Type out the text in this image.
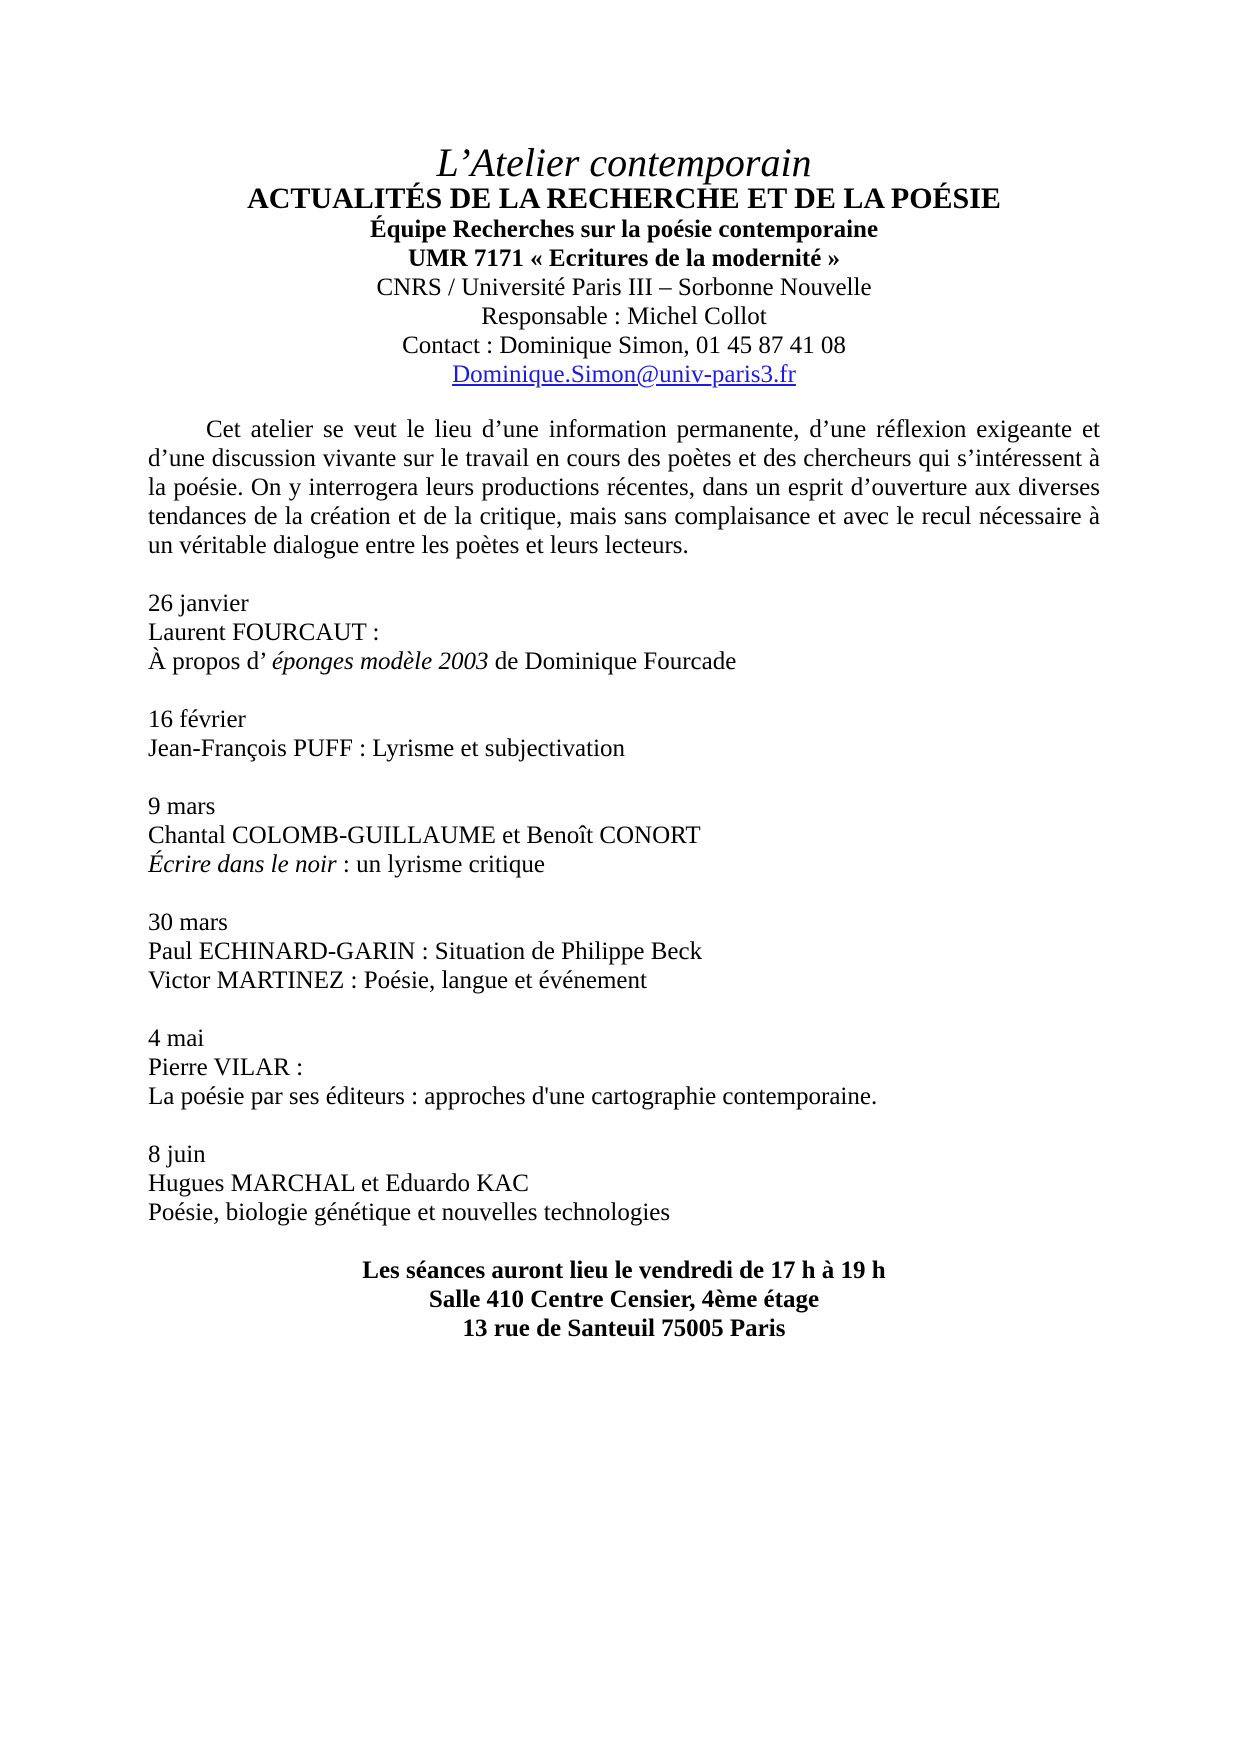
L’Atelier contemporain
ACTUALITÉS DE LA RECHERCHE ET DE LA POÉSIE
Équipe Recherches sur la poésie contemporaine
UMR 7171 « Ecritures de la modernité »
CNRS / Université Paris III – Sorbonne Nouvelle
Responsable : Michel Collot
Contact : Dominique Simon, 01 45 87 41 08
Dominique.Simon@univ-paris3.fr

Cet atelier se veut le lieu d’une information permanente, d’une réflexion exigeante et d’une discussion vivante sur le travail en cours des poètes et des chercheurs qui s’intéressent à la poésie. On y interrogera leurs productions récentes, dans un esprit d’ouverture aux diverses tendances de la création et de la critique, mais sans complaisance et avec le recul nécessaire à un véritable dialogue entre les poètes et leurs lecteurs.

26 janvier
Laurent FOURCAUT :
À propos d’ éponges modèle 2003 de Dominique Fourcade
16 février
Jean-François PUFF : Lyrisme et subjectivation
9 mars
Chantal COLOMB-GUILLAUME et Benoît CONORT
Écrire dans le noir : un lyrisme critique
30 mars
Paul ECHINARD-GARIN : Situation de Philippe Beck
Victor MARTINEZ : Poésie, langue et événement
4 mai
Pierre VILAR :
La poésie par ses éditeurs : approches d'une cartographie contemporaine.
8 juin
Hugues MARCHAL et Eduardo KAC
Poésie, biologie génétique et nouvelles technologies
Les séances auront lieu le vendredi de 17 h à 19 h
Salle 410 Centre Censier, 4ème étage
13 rue de Santeuil 75005 Paris
